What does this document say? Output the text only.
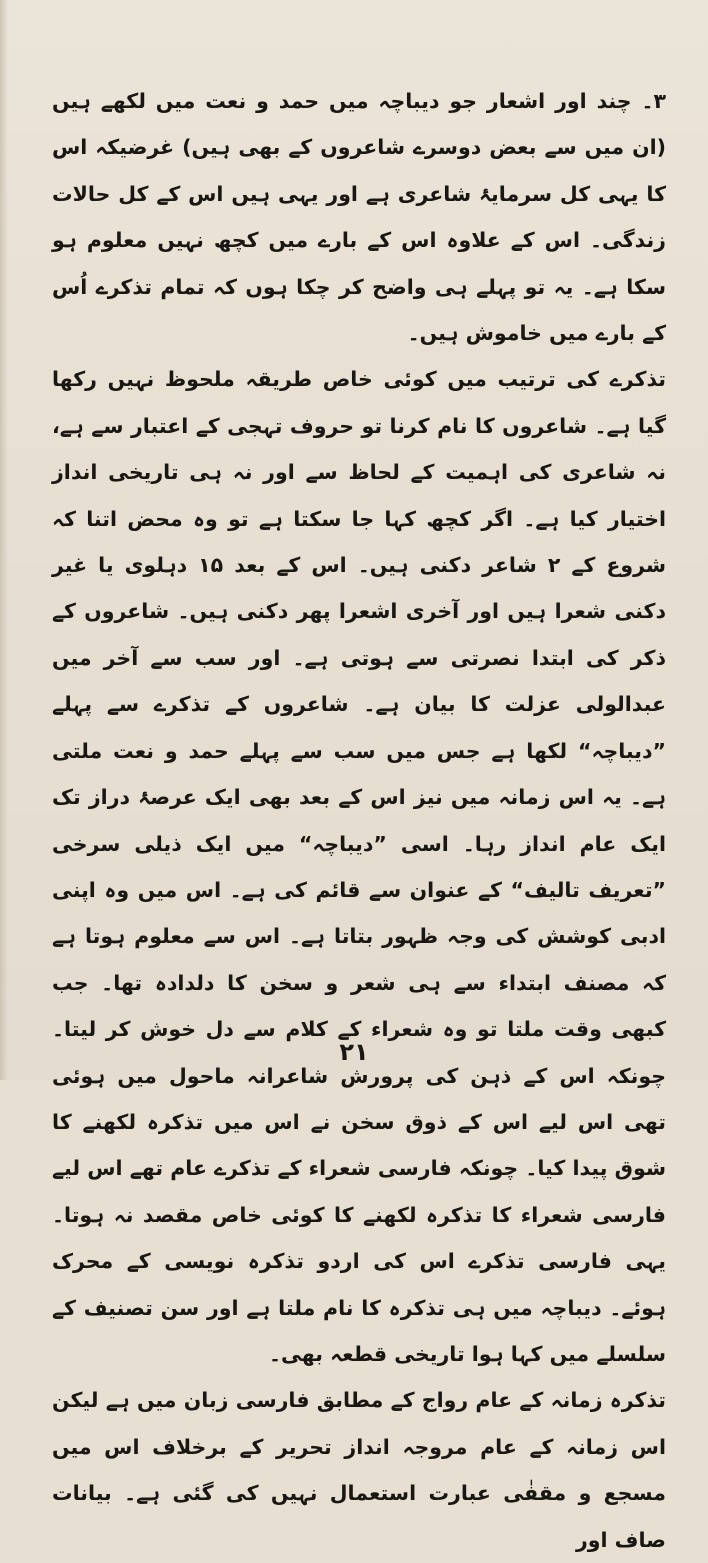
٣۔ چند اور اشعار جو دیباچہ میں حمد و نعت میں لکھے ہیں (ان میں سے بعض دوسرے شاعروں کے بھی ہیں) غرضیکہ اس کا یہی کل سرمایۂ شاعری ہے اور یہی ہیں اس کے کل حالات زندگی۔ اس کے علاوہ اس کے بارے میں کچھ نہیں معلوم ہو سکا ہے۔ یہ تو پہلے ہی واضح کر چکا ہوں کہ تمام تذکرے اُس کے بارے میں خاموش ہیں۔

تذکرے کی ترتیب میں کوئی خاص طریقہ ملحوظ نہیں رکھا گیا ہے۔ شاعروں کا نام کرنا تو حروف تہجی کے اعتبار سے ہے، نہ شاعری کی اہمیت کے لحاظ سے اور نہ ہی تاریخی انداز اختیار کیا ہے۔ اگر کچھ کہا جا سکتا ہے تو وہ محض اتنا کہ شروع کے ۲ شاعر دکنی ہیں۔ اس کے بعد ۱۵ دہلوی یا غیر دکنی شعرا ہیں اور آخری اشعرا پھر دکنی ہیں۔ شاعروں کے ذکر کی ابتدا نصرتی سے ہوتی ہے۔ اور سب سے آخر میں عبدالولی عزلت کا بیان ہے۔ شاعروں کے تذکرے سے پہلے ”دیباچہ“ لکھا ہے جس میں سب سے پہلے حمد و نعت ملتی ہے۔ یہ اس زمانہ میں نیز اس کے بعد بھی ایک عرصۂ دراز تک ایک عام انداز رہا۔ اسی ”دیباچہ“ میں ایک ذیلی سرخی ”تعریف تالیف“ کے عنوان سے قائم کی ہے۔ اس میں وہ اپنی ادبی کوشش کی وجہ ظہور بتاتا ہے۔ اس سے معلوم ہوتا ہے کہ مصنف ابتداء سے ہی شعر و سخن کا دلدادہ تھا۔ جب کبھی وقت ملتا تو وہ شعراء کے کلام سے دل خوش کر لیتا۔ چونکہ اس کے ذہن کی پرورش شاعرانہ ماحول میں ہوئی تھی اس لیے اس کے ذوق سخن نے اس میں تذکرہ لکھنے کا شوق پیدا کیا۔ چونکہ فارسی شعراء کے تذکرے عام تھے اس لیے فارسی شعراء کا تذکرہ لکھنے کا کوئی خاص مقصد نہ ہوتا۔ یہی فارسی تذکرے اس کی اردو تذکرہ نویسی کے محرک ہوئے۔ دیباچہ میں ہی تذکرہ کا نام ملتا ہے اور سن تصنیف کے سلسلے میں کہا ہوا تاریخی قطعہ بھی۔

تذکرہ زمانہ کے عام رواج کے مطابق فارسی زبان میں ہے لیکن اس زمانہ کے عام مروجہ انداز تحریر کے برخلاف اس میں مسجع و مقفٰی عبارت استعمال نہیں کی گئی ہے۔ بیانات صاف اور

٢١
